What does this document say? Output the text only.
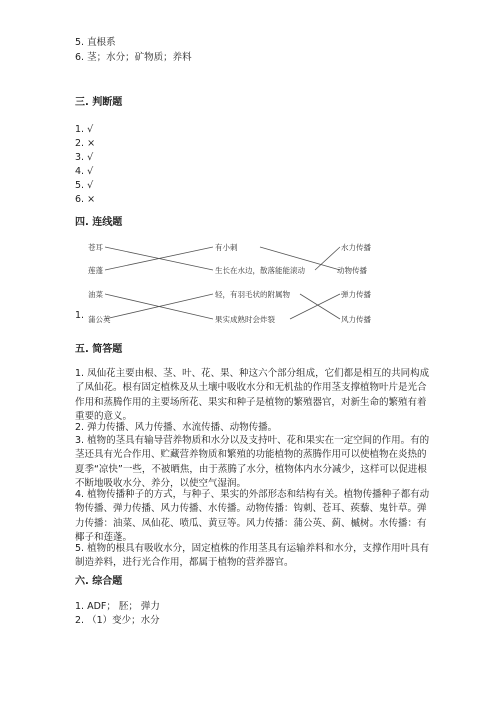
5. 直根系
6. 茎；水分；矿物质；养料
三. 判断题
1. √
2. ×
3. √
4. √
5. √
6. ×
四. 连线题
1.
苍耳
莲蓬
油菜
蒲公英
有小刺
生长在水边，散落能能滚动
轻，有羽毛状的附属物
果实成熟时会炸裂
水力传播
动物传播
弹力传播
风力传播
五. 简答题
1. 凤仙花主要由根、茎、叶、花、果、种这六个部分组成，它们都是相互的共同构成了凤仙花。根有固定植株及从土壤中吸收水分和无机盐的作用茎支撑植物叶片是光合作用和蒸腾作用的主要场所花、果实和种子是植物的繁殖器官，对新生命的繁殖有着重要的意义。
2. 弹力传播、风力传播、水流传播、动物传播。
3. 植物的茎具有输导营养物质和水分以及支持叶、花和果实在一定空间的作用。有的茎还具有光合作用、贮藏营养物质和繁殖的功能植物的蒸腾作用可以使植物在炎热的夏季“凉快”一些，不被晒焦，由于蒸腾了水分，植物体内水分减少，这样可以促进根不断地吸收水分、养分，以使空气湿润。
4. 植物传播种子的方式，与种子、果实的外部形态和结构有关。植物传播种子都有动物传播、弹力传播、风力传播、水传播。动物传播：钩刺、苍耳、蒺藜、鬼针草。弹力传播：油菜、凤仙花、喷瓜、黄豆等。风力传播：蒲公英、蓟、槭树。水传播：有椰子和莲蓬。
5. 植物的根具有吸收水分，固定植株的作用茎具有运输养料和水分，支撑作用叶具有制造养料，进行光合作用，都属于植物的营养器官。
六. 综合题
1. ADF； 胚； 弹力
2. （1）变少；水分
